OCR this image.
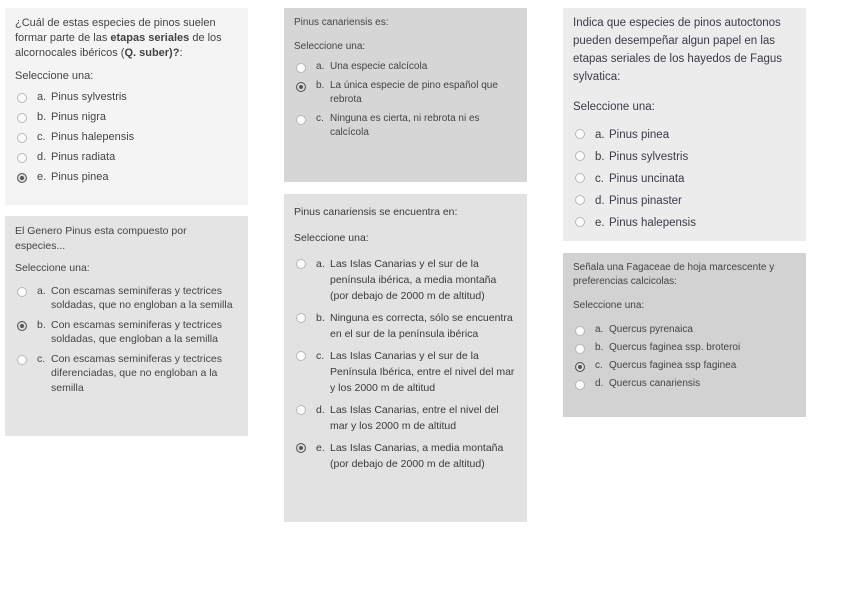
¿Cuál de estas especies de pinos suelen formar parte de las etapas seriales de los alcornocales ibéricos (Q. suber)?:
Seleccione una:
a. Pinus sylvestris
b. Pinus nigra
c. Pinus halepensis
d. Pinus radiata
e. Pinus pinea
El Genero Pinus esta compuesto por especies...
Seleccione una:
a. Con escamas seminiferas y tectrices soldadas, que no engloban a la semilla
b. Con escamas seminiferas y tectrices soldadas, que engloban a la semilla
c. Con escamas seminiferas y tectrices diferenciadas, que no engloban a la semilla
Pinus canariensis es:
Seleccione una:
a. Una especie calcícola
b. La única especie de pino español que rebrota
c. Ninguna es cierta, ni rebrota ni es calcícola
Pinus canariensis se encuentra en:
Seleccione una:
a. Las Islas Canarias y el sur de la península ibérica, a media montaña (por debajo de 2000 m de altitud)
b. Ninguna es correcta, sólo se encuentra en el sur de la península ibérica
c. Las Islas Canarias y el sur de la Península Ibérica, entre el nivel del mar y los 2000 m de altitud
d. Las Islas Canarias, entre el nivel del mar y los 2000 m de altitud
e. Las Islas Canarias, a media montaña (por debajo de 2000 m de altitud)
Indica que especies de pinos autoctonos pueden desempeñar algun papel en las etapas seriales de los hayedos de Fagus sylvatica:
Seleccione una:
a. Pinus pinea
b. Pinus sylvestris
c. Pinus uncinata
d. Pinus pinaster
e. Pinus halepensis
Señala una Fagaceae de hoja marcescente y preferencias calcicolas:
Seleccione una:
a. Quercus pyrenaica
b. Quercus faginea ssp. broteroi
c. Quercus faginea ssp faginea
d. Quercus canariensis
